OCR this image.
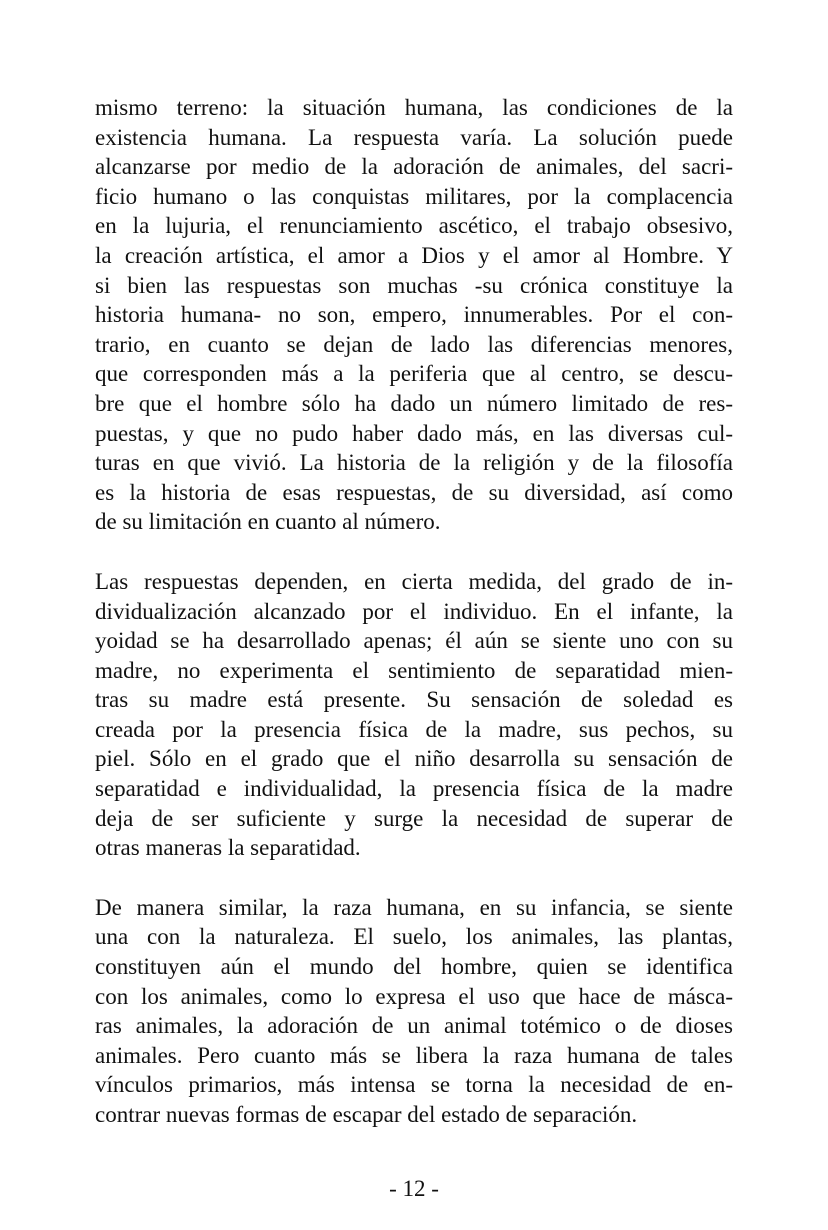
mismo terreno: la situación humana, las condiciones de la
existencia humana. La respuesta varía. La solución puede
alcanzarse por medio de la adoración de animales, del sacri-
ficio humano o las conquistas militares, por la complacencia
en la lujuria, el renunciamiento ascético, el trabajo obsesivo,
la creación artística, el amor a Dios y el amor al Hombre. Y
si bien las respuestas son muchas -su crónica constituye la
historia humana- no son, empero, innumerables. Por el con-
trario, en cuanto se dejan de lado las diferencias menores,
que corresponden más a la periferia que al centro, se descu-
bre que el hombre sólo ha dado un número limitado de res-
puestas, y que no pudo haber dado más, en las diversas cul-
turas en que vivió. La historia de la religión y de la filosofía
es la historia de esas respuestas, de su diversidad, así como
de su limitación en cuanto al número.
Las respuestas dependen, en cierta medida, del grado de in-
dividualización alcanzado por el individuo. En el infante, la
yoidad se ha desarrollado apenas; él aún se siente uno con su
madre, no experimenta el sentimiento de separatidad mien-
tras su madre está presente. Su sensación de soledad es
creada por la presencia física de la madre, sus pechos, su
piel. Sólo en el grado que el niño desarrolla su sensación de
separatidad e individualidad, la presencia física de la madre
deja de ser suficiente y surge la necesidad de superar de
otras maneras la separatidad.
De manera similar, la raza humana, en su infancia, se siente
una con la naturaleza. El suelo, los animales, las plantas,
constituyen aún el mundo del hombre, quien se identifica
con los animales, como lo expresa el uso que hace de másca-
ras animales, la adoración de un animal totémico o de dioses
animales. Pero cuanto más se libera la raza humana de tales
vínculos primarios, más intensa se torna la necesidad de en-
contrar nuevas formas de escapar del estado de separación.
- 12 -
